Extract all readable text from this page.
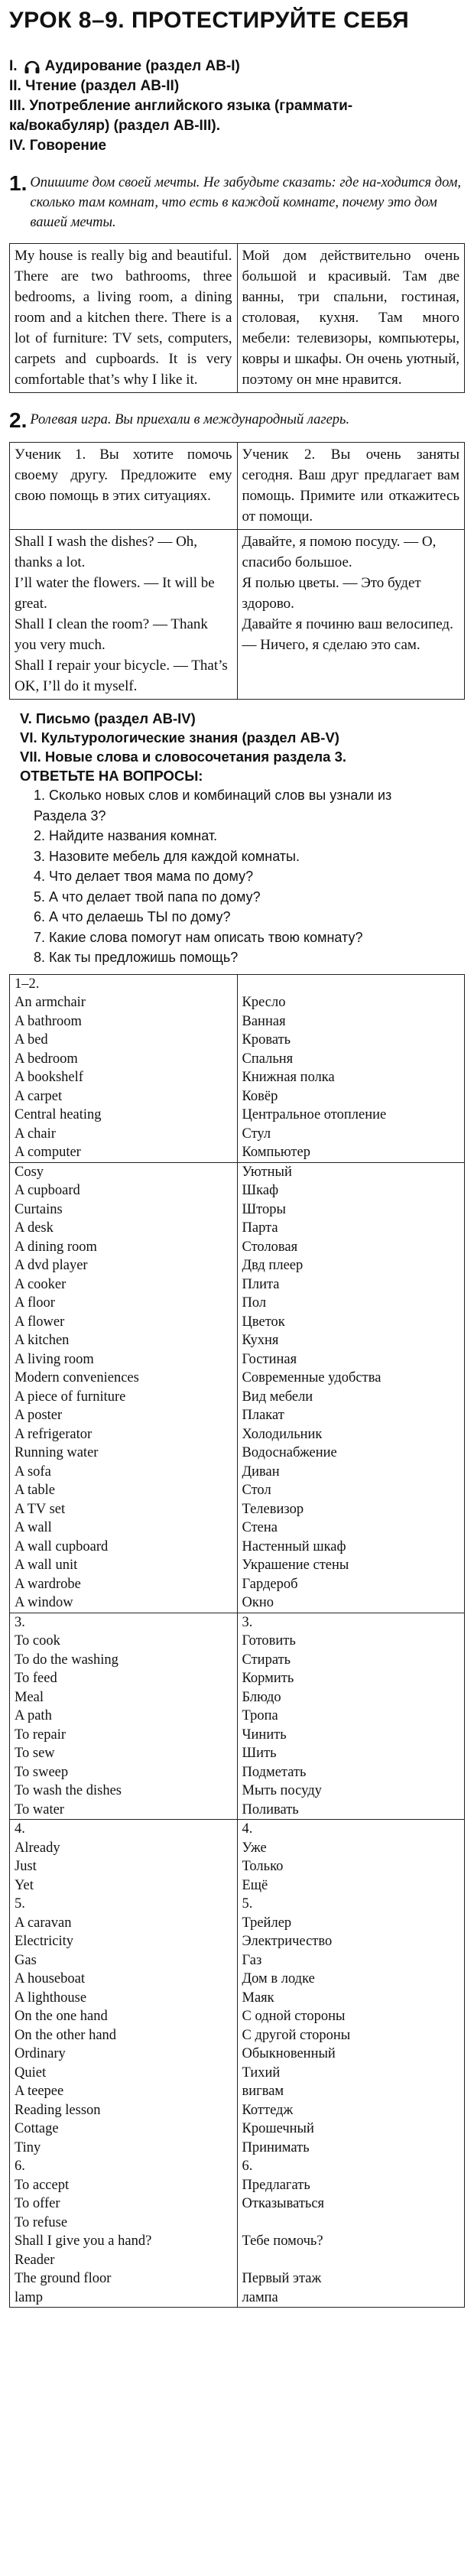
УРОК 8–9. ПРОТЕСТИРУЙТЕ СЕБЯ
I. Аудирование (раздел АВ-I)
II. Чтение (раздел АВ-II)
III. Употребление английского языка (граммати-
ка/вокабуляр) (раздел АВ-III).
IV. Говорение
1. Опишите дом своей мечты. Не забудьте сказать: где на-ходится дом, сколько там комнат, что есть в каждой комнате, почему это дом вашей мечты.
My house is really big and beautiful. There are two bathrooms, three bedrooms, a living room, a dining room and a kitchen there. There is a lot of furniture: TV sets, computers, carpets and cupboards. It is very comfortable that’s why I like it.	Мой дом действительно очень большой и красивый. Там две ванны, три спальни, гостиная, столовая, кухня. Там много мебели: телевизоры, компьютеры, ковры и шкафы. Он очень уютный, поэтому он мне нравится.
2. Ролевая игра. Вы приехали в международный лагерь.
Ученик 1. Вы хотите помочь своему другу. Предложите ему свою помощь в этих ситуациях.	Ученик 2. Вы очень заняты сегодня. Ваш друг предлагает вам помощь. Примите или откажитесь от помощи.
Shall I wash the dishes? — Oh, thanks a lot.
I’ll water the flowers. — It will be great.
Shall I clean the room? — Thank you very much.
Shall I repair your bicycle. — That’s OK, I’ll do it myself.	Давайте, я помою посуду. — О, спасибо большое.
Я полью цветы. — Это будет здорово.
Давайте я починю ваш велосипед. — Ничего, я сделаю это сам.
V. Письмо (раздел АВ-IV)
VI. Культурологические знания (раздел АВ-V)
VII. Новые слова и словосочетания раздела 3.
ОТВЕТЬТЕ НА ВОПРОСЫ:
1. Сколько новых слов и комбинаций слов вы узнали из
Раздела 3?
2. Найдите названия комнат.
3. Назовите мебель для каждой комнаты.
4. Что делает твоя мама по дому?
5. А что делает твой папа по дому?
6. А что делаешь ТЫ по дому?
7. Какие слова помогут нам описать твою комнату?
8. Как ты предложишь помощь?
1–2.	
An armchair	Кресло
A bathroom	Ванная
A bed	Кровать
A bedroom	Спальня
A bookshelf	Книжная полка
A carpet	Ковёр
Central heating	Центральное отопление
A chair	Стул
A computer	Компьютер
Cosy	Уютный
A cupboard	Шкаф
Curtains	Шторы
A desk	Парта
A dining room	Столовая
A dvd player	Двд плеер
A cooker	Плита
A floor	Пол
A flower	Цветок
A kitchen	Кухня
A living room	Гостиная
Modern conveniences	Современные удобства
A piece of furniture	Вид мебели
A poster	Плакат
A refrigerator	Холодильник
Running water	Водоснабжение
A sofa	Диван
A table	Стол
A TV set	Телевизор
A wall	Стена
A wall cupboard	Настенный шкаф
A wall unit	Украшение стены
A wardrobe	Гардероб
A window	Окно
3.	3.
To cook	Готовить
To do the washing	Стирать
To feed	Кормить
Meal	Блюдо
A path	Тропа
To repair	Чинить
To sew	Шить
To sweep	Подметать
To wash the dishes	Мыть посуду
To water	Поливать
4.	4.
Already	Уже
Just	Только
Yet	Ещё
5.	5.
A caravan	Трейлер
Electricity	Электричество
Gas	Газ
A houseboat	Дом в лодке
A lighthouse	Маяк
On the one hand	С одной стороны
On the other hand	С другой стороны
Ordinary	Обыкновенный
Quiet	Тихий
A teepee	вигвам
Reading lesson	Коттедж
Cottage	Крошечный
Tiny	Принимать
6.	6.
To accept	Предлагать
To offer	Отказываться
To refuse	
Shall I give you a hand?	Тебе помочь?
Reader	
The ground floor	Первый этаж
lamp	лампа
